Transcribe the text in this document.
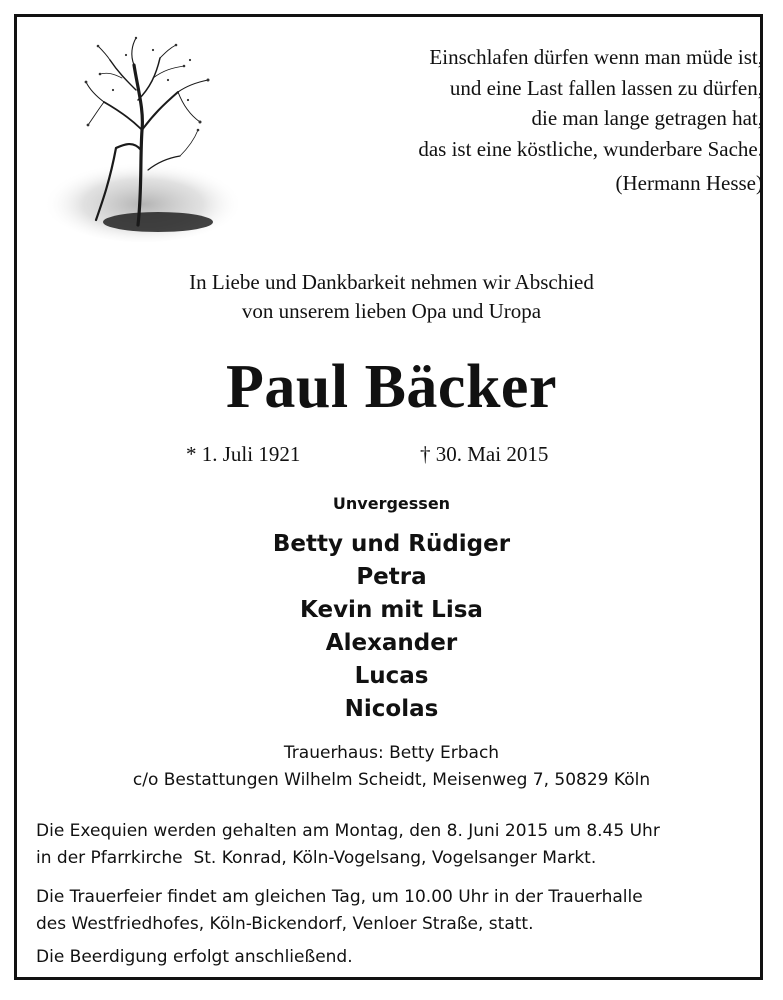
Einschlafen dürfen wenn man müde ist,
und eine Last fallen lassen zu dürfen,
die man lange getragen hat,
das ist eine köstliche, wunderbare Sache.
(Hermann Hesse)
In Liebe und Dankbarkeit nehmen wir Abschied
von unserem lieben Opa und Uropa
Paul Bäcker
* 1. Juli 1921	† 30. Mai 2015
Unvergessen
Betty und Rüdiger
Petra
Kevin mit Lisa
Alexander
Lucas
Nicolas
Trauerhaus: Betty Erbach
c/o Bestattungen Wilhelm Scheidt, Meisenweg 7, 50829 Köln
Die Exequien werden gehalten am Montag, den 8. Juni 2015 um 8.45 Uhr
in der Pfarrkirche  St. Konrad, Köln-Vogelsang, Vogelsanger Markt.
Die Trauerfeier findet am gleichen Tag, um 10.00 Uhr in der Trauerhalle
des Westfriedhofes, Köln-Bickendorf, Venloer Straße, statt.
Die Beerdigung erfolgt anschließend.
